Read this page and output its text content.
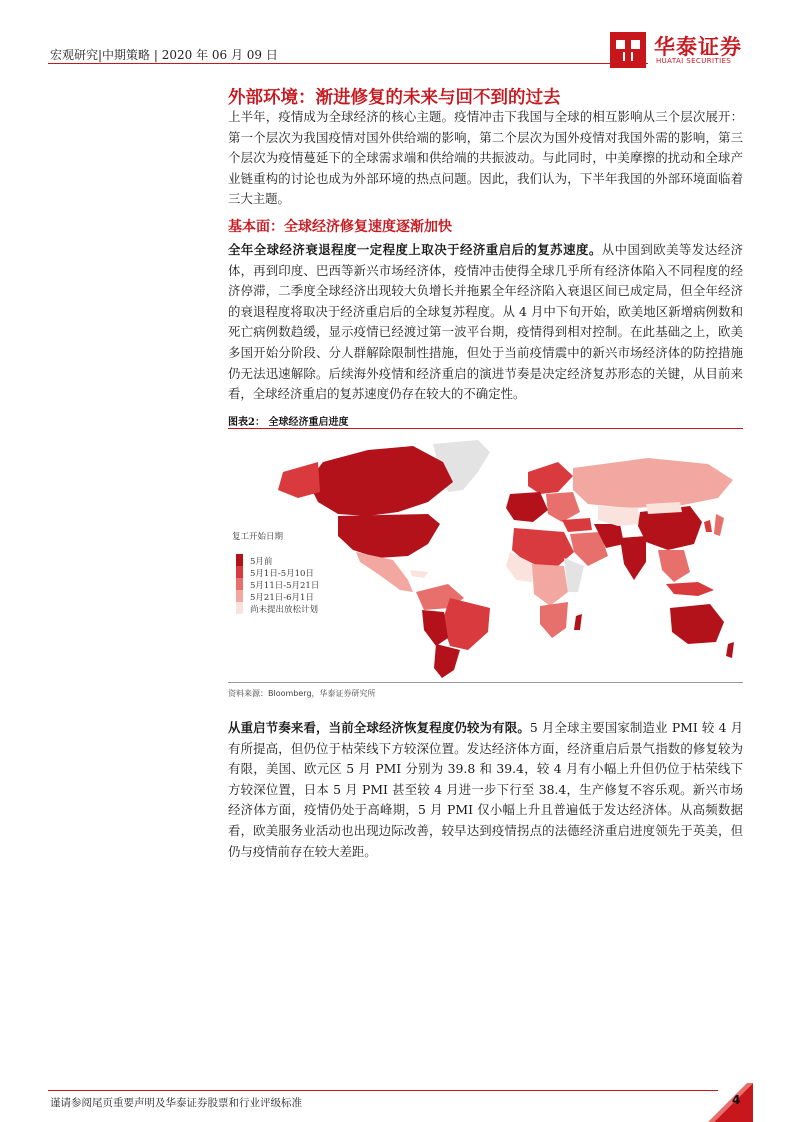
宏观研究|中期策略 | 2020 年 06 月 09 日	华泰证券
HUATAI SECURITIES
外部环境：渐进修复的未来与回不到的过去
上半年，疫情成为全球经济的核心主题。疫情冲击下我国与全球的相互影响从三个层次展开：第一个层次为我国疫情对国外供给端的影响，第二个层次为国外疫情对我国外需的影响，第三个层次为疫情蔓延下的全球需求端和供给端的共振波动。与此同时，中美摩擦的扰动和全球产业链重构的讨论也成为外部环境的热点问题。因此，我们认为，下半年我国的外部环境面临着三大主题。
基本面：全球经济修复速度逐渐加快
全年全球经济衰退程度一定程度上取决于经济重启后的复苏速度。从中国到欧美等发达经济体，再到印度、巴西等新兴市场经济体，疫情冲击使得全球几乎所有经济体陷入不同程度的经济停滞，二季度全球经济出现较大负增长并拖累全年经济陷入衰退区间已成定局，但全年经济的衰退程度将取决于经济重启后的全球复苏程度。从 4 月中下旬开始，欧美地区新增病例数和死亡病例数趋缓，显示疫情已经渡过第一波平台期，疫情得到相对控制。在此基础之上，欧美多国开始分阶段、分人群解除限制性措施，但处于当前疫情震中的新兴市场经济体的防控措施仍无法迅速解除。后续海外疫情和经济重启的演进节奏是决定经济复苏形态的关键，从目前来看，全球经济重启的复苏速度仍存在较大的不确定性。
图表2： 全球经济重启进度
复工开始日期
5月前
5月1日-5月10日
5月11日-5月21日
5月21日-6月1日
尚未提出放松计划
资料来源：Bloomberg，华泰证券研究所
从重启节奏来看，当前全球经济恢复程度仍较为有限。5 月全球主要国家制造业 PMI 较 4 月有所提高，但仍位于枯荣线下方较深位置。发达经济体方面，经济重启后景气指数的修复较为有限，美国、欧元区 5 月 PMI 分别为 39.8 和 39.4，较 4 月有小幅上升但仍位于枯荣线下方较深位置，日本 5 月 PMI 甚至较 4 月进一步下行至 38.4，生产修复不容乐观。新兴市场经济体方面，疫情仍处于高峰期，5 月 PMI 仅小幅上升且普遍低于发达经济体。从高频数据看，欧美服务业活动也出现边际改善，较早达到疫情拐点的法德经济重启进度领先于英美，但仍与疫情前存在较大差距。
谨请参阅尾页重要声明及华泰证券股票和行业评级标准	4
